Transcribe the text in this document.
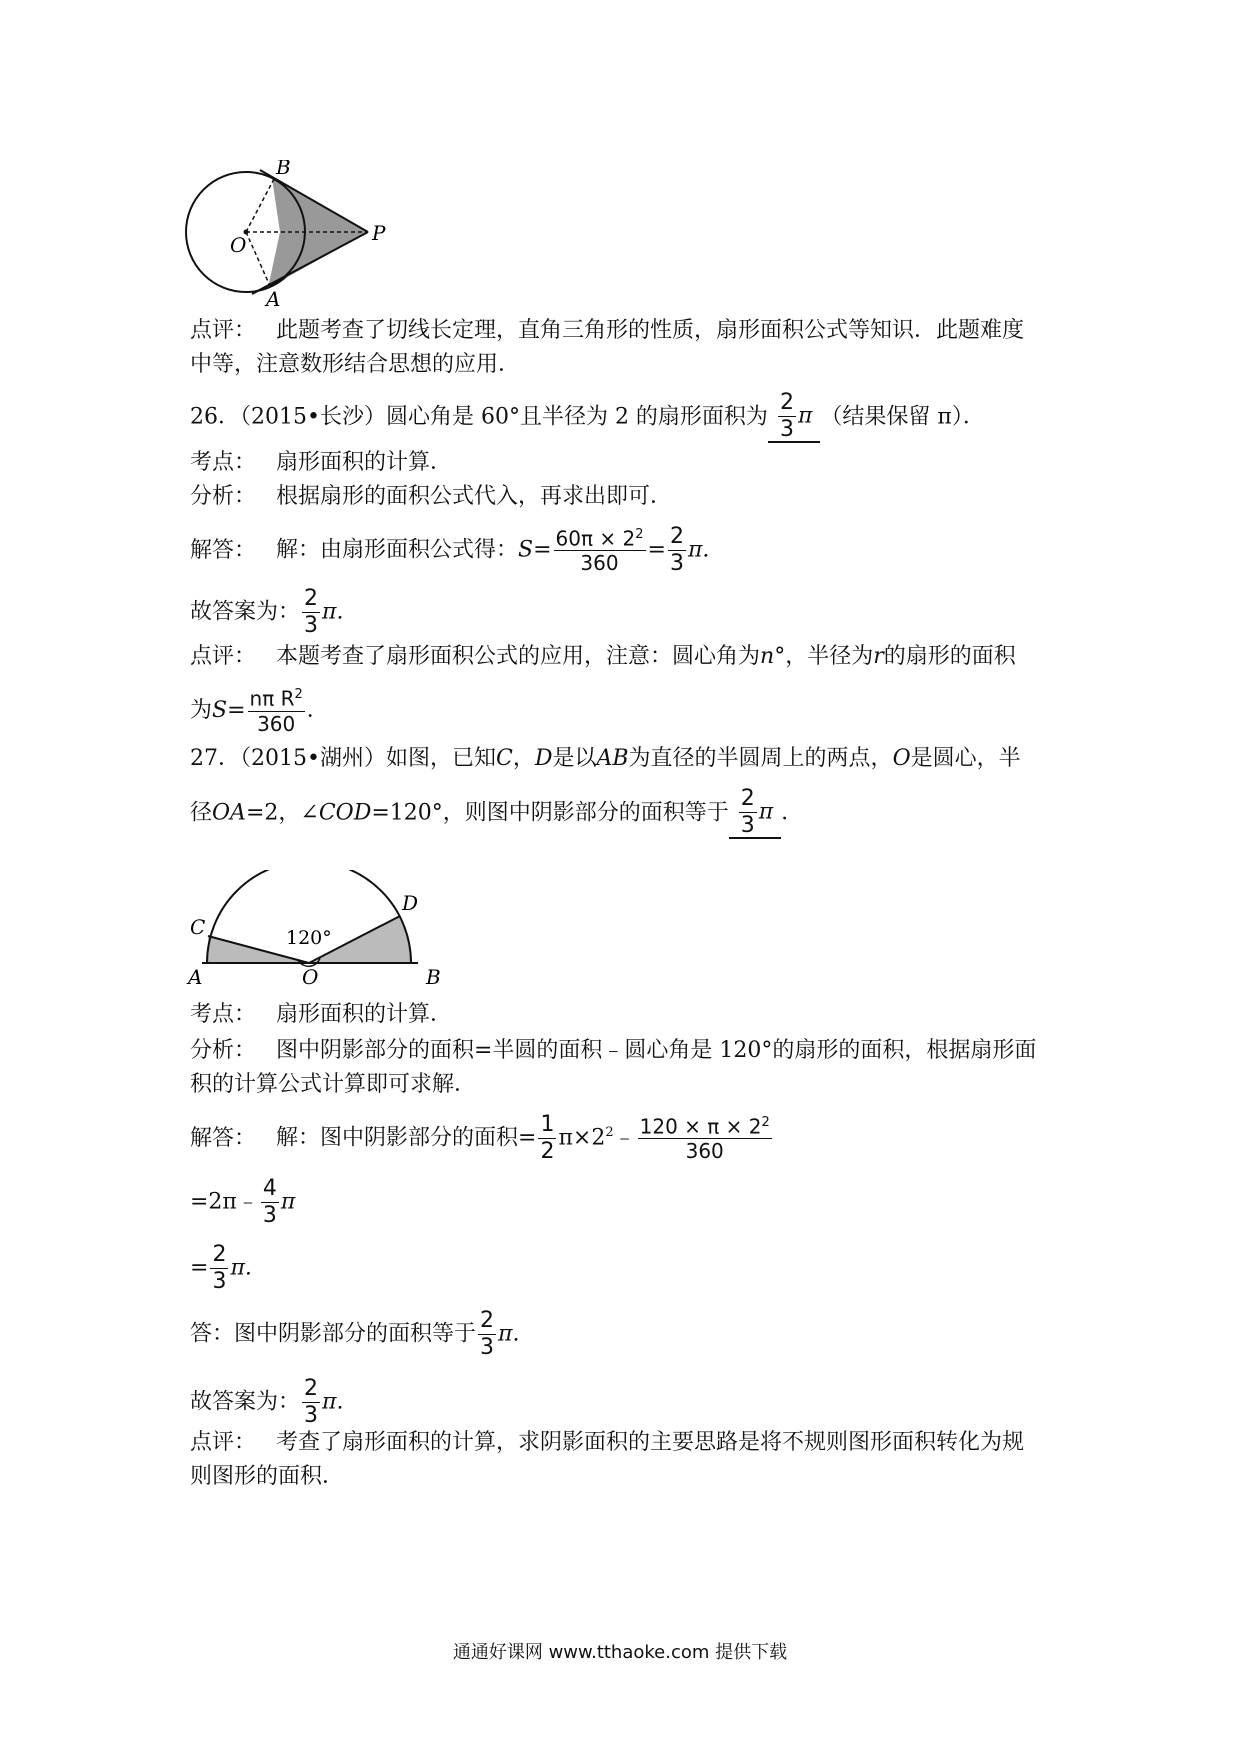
B
O	P
A
点评： 此题考查了切线长定理，直角三角形的性质，扇形面积公式等知识．此题难度
中等，注意数形结合思想的应用．
26．（2015•长沙）圆心角是 60°且半径为 2 的扇形面积为 $\frac{2}{3}$ π （结果保留 π）．
考点： 扇形面积的计算．
分析： 根据扇形的面积公式代入，再求出即可．
解答： 解：由扇形面积公式得：$S= \frac{60\pi \times 2^2}{360} = \frac{2}{3} \pi$.
故答案为： $\frac{2}{3} \pi$.
点评： 本题考查了扇形面积公式的应用，注意：圆心角为n°，半径为r的扇形的面积
为$S= \frac{n\pi R^2}{360}$ ．
27．（2015•湖州）如图，已知C，D是以AB为直径的半圆周上的两点，O是圆心，半
径OA=2，∠COD=120°，则图中阴影部分的面积等于 $\frac{2}{3}$ π ．
C
D
A	O	B
120°
考点： 扇形面积的计算．
分析： 图中阴影部分的面积=半圆的面积﹣圆心角是 120°的扇形的面积，根据扇形面
积的计算公式计算即可求解．
解答： 解：图中阴影部分的面积= $\frac{1}{2}$ $\pi\times 2^2﹣ \frac{120 \times \pi \times 2^2}{360}$
=2π﹣ $\frac{4}{3}$ π
= $\frac{2}{3} \pi$.
答：图中阴影部分的面积等于 $\frac{2}{3} \pi$.
故答案为： $\frac{2}{3} \pi$.
点评： 考查了扇形面积的计算，求阴影面积的主要思路是将不规则图形面积转化为规
则图形的面积．
通通好课网 www.tthaoke.com 提供下载
